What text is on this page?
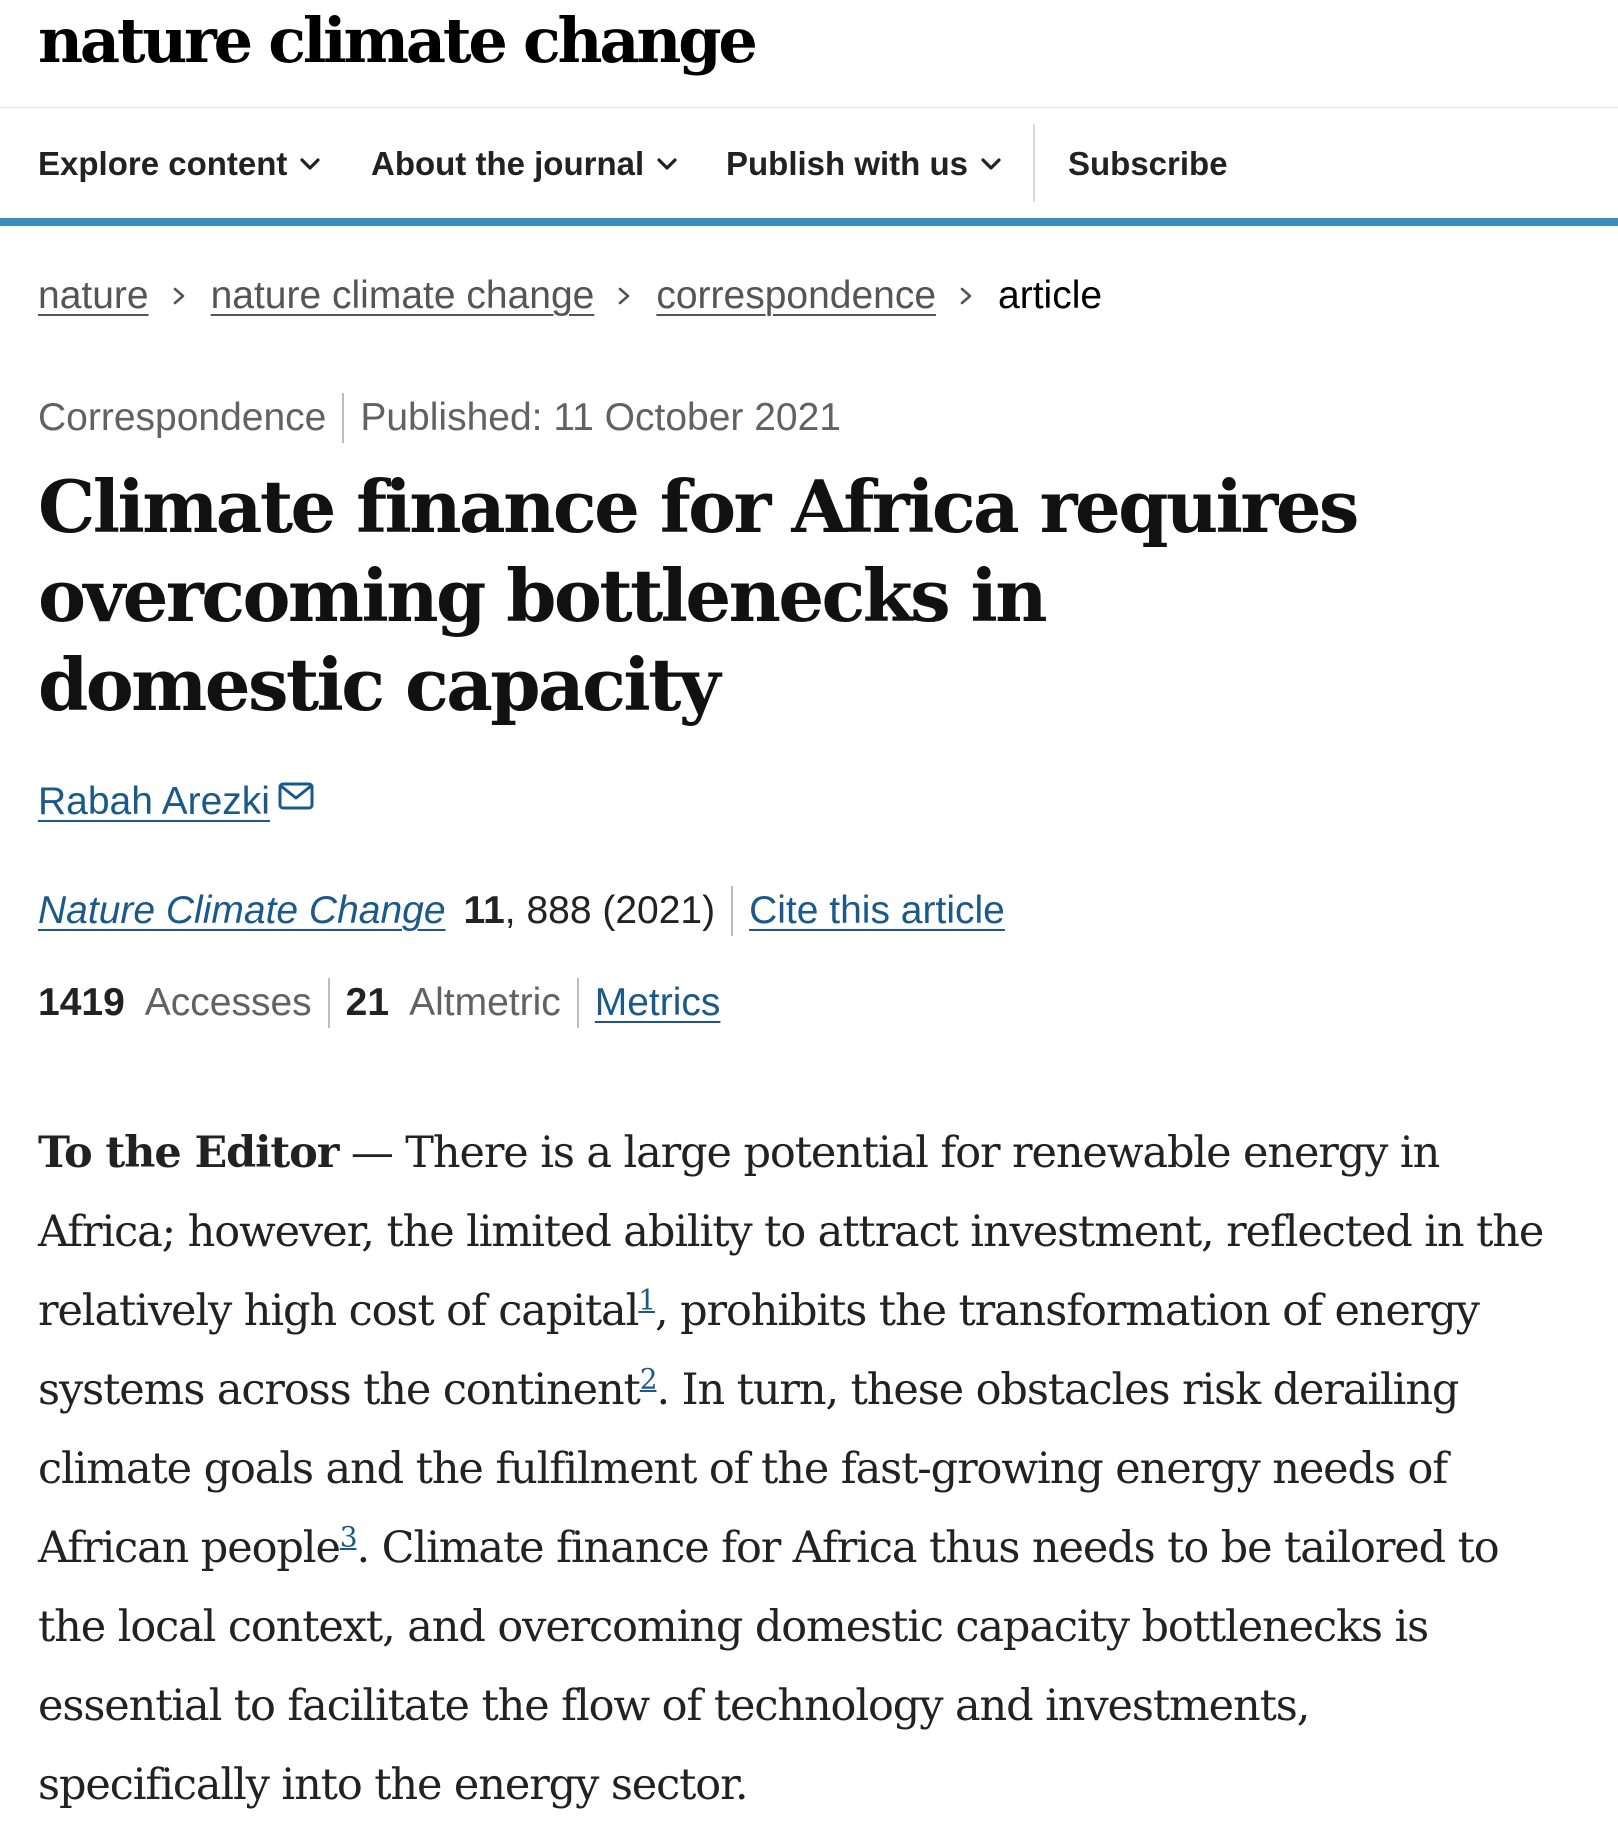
nature climate change
Explore content	About the journal Publish with us	Subscribe
nature nature climate change correspondence article
Correspondence Published: 11 October 2021
Climate finance for Africa requires overcoming bottlenecks in domestic capacity
Rabah Arezki
Nature Climate Change 11 , 888 (2021) Cite this article
1419 Accesses 21 Altmetric Metrics

To the Editor — There is a large potential for renewable energy in Africa; however, the limited ability to attract investment, reflected in the relatively high cost of capital$^1$, prohibits the transformation of energy systems across the continent$^2$. In turn, these obstacles risk derailing climate goals and the fulfilment of the fast-growing energy needs of African people$^3$. Climate finance for Africa thus needs to be tailored to the local context, and overcoming domestic capacity bottlenecks is essential to facilitate the flow of technology and investments, specifically into the energy sector.
